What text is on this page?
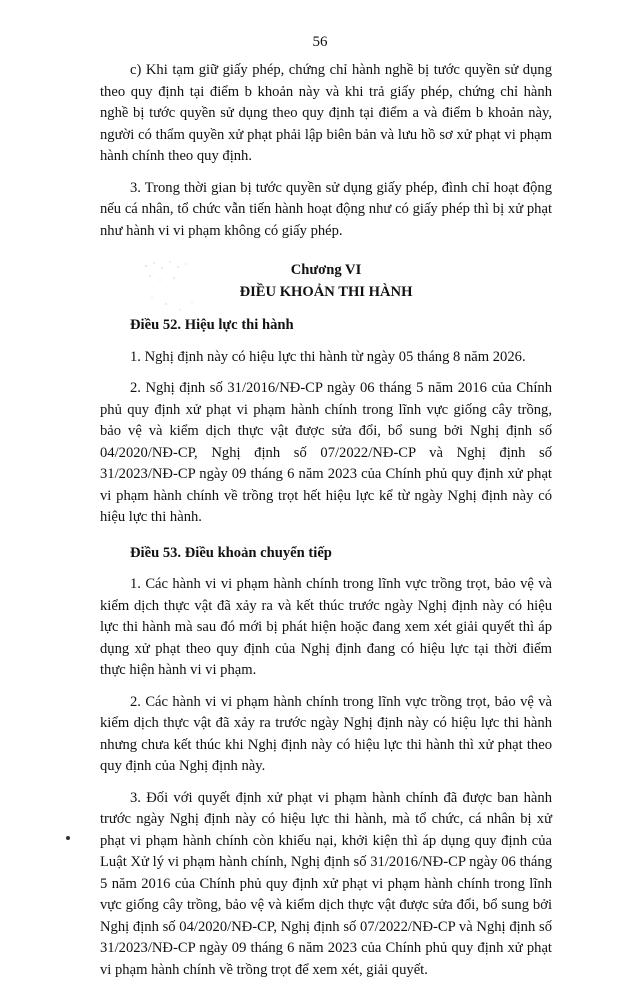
56

c) Khi tạm giữ giấy phép, chứng chỉ hành nghề bị tước quyền sử dụng theo quy định tại điểm b khoản này và khi trả giấy phép, chứng chỉ hành nghề bị tước quyền sử dụng theo quy định tại điểm a và điểm b khoản này, người có thẩm quyền xử phạt phải lập biên bản và lưu hồ sơ xử phạt vi phạm hành chính theo quy định.

3. Trong thời gian bị tước quyền sử dụng giấy phép, đình chỉ hoạt động nếu cá nhân, tổ chức vẫn tiến hành hoạt động như có giấy phép thì bị xử phạt như hành vi vi phạm không có giấy phép.

Chương VI
ĐIỀU KHOẢN THI HÀNH
Điều 52. Hiệu lực thi hành

1. Nghị định này có hiệu lực thi hành từ ngày 05 tháng 8 năm 2026.

2. Nghị định số 31/2016/NĐ-CP ngày 06 tháng 5 năm 2016 của Chính phủ quy định xử phạt vi phạm hành chính trong lĩnh vực giống cây trồng, bảo vệ và kiểm dịch thực vật được sửa đổi, bổ sung bởi Nghị định số 04/2020/NĐ-CP, Nghị định số 07/2022/NĐ-CP và Nghị định số 31/2023/NĐ-CP ngày 09 tháng 6 năm 2023 của Chính phủ quy định xử phạt vi phạm hành chính về trồng trọt hết hiệu lực kể từ ngày Nghị định này có hiệu lực thi hành.

Điều 53. Điều khoản chuyển tiếp

1. Các hành vi vi phạm hành chính trong lĩnh vực trồng trọt, bảo vệ và kiểm dịch thực vật đã xảy ra và kết thúc trước ngày Nghị định này có hiệu lực thi hành mà sau đó mới bị phát hiện hoặc đang xem xét giải quyết thì áp dụng xử phạt theo quy định của Nghị định đang có hiệu lực tại thời điểm thực hiện hành vi vi phạm.

2. Các hành vi vi phạm hành chính trong lĩnh vực trồng trọt, bảo vệ và kiểm dịch thực vật đã xảy ra trước ngày Nghị định này có hiệu lực thi hành nhưng chưa kết thúc khi Nghị định này có hiệu lực thi hành thì xử phạt theo quy định của Nghị định này.

3. Đối với quyết định xử phạt vi phạm hành chính đã được ban hành trước ngày Nghị định này có hiệu lực thi hành, mà tổ chức, cá nhân bị xử phạt vi phạm hành chính còn khiếu nại, khởi kiện thì áp dụng quy định của Luật Xử lý vi phạm hành chính, Nghị định số 31/2016/NĐ-CP ngày 06 tháng 5 năm 2016 của Chính phủ quy định xử phạt vi phạm hành chính trong lĩnh vực giống cây trồng, bảo vệ và kiểm dịch thực vật được sửa đổi, bổ sung bởi Nghị định số 04/2020/NĐ-CP, Nghị định số 07/2022/NĐ-CP và Nghị định số 31/2023/NĐ-CP ngày 09 tháng 6 năm 2023 của Chính phủ quy định xử phạt vi phạm hành chính về trồng trọt để xem xét, giải quyết.
